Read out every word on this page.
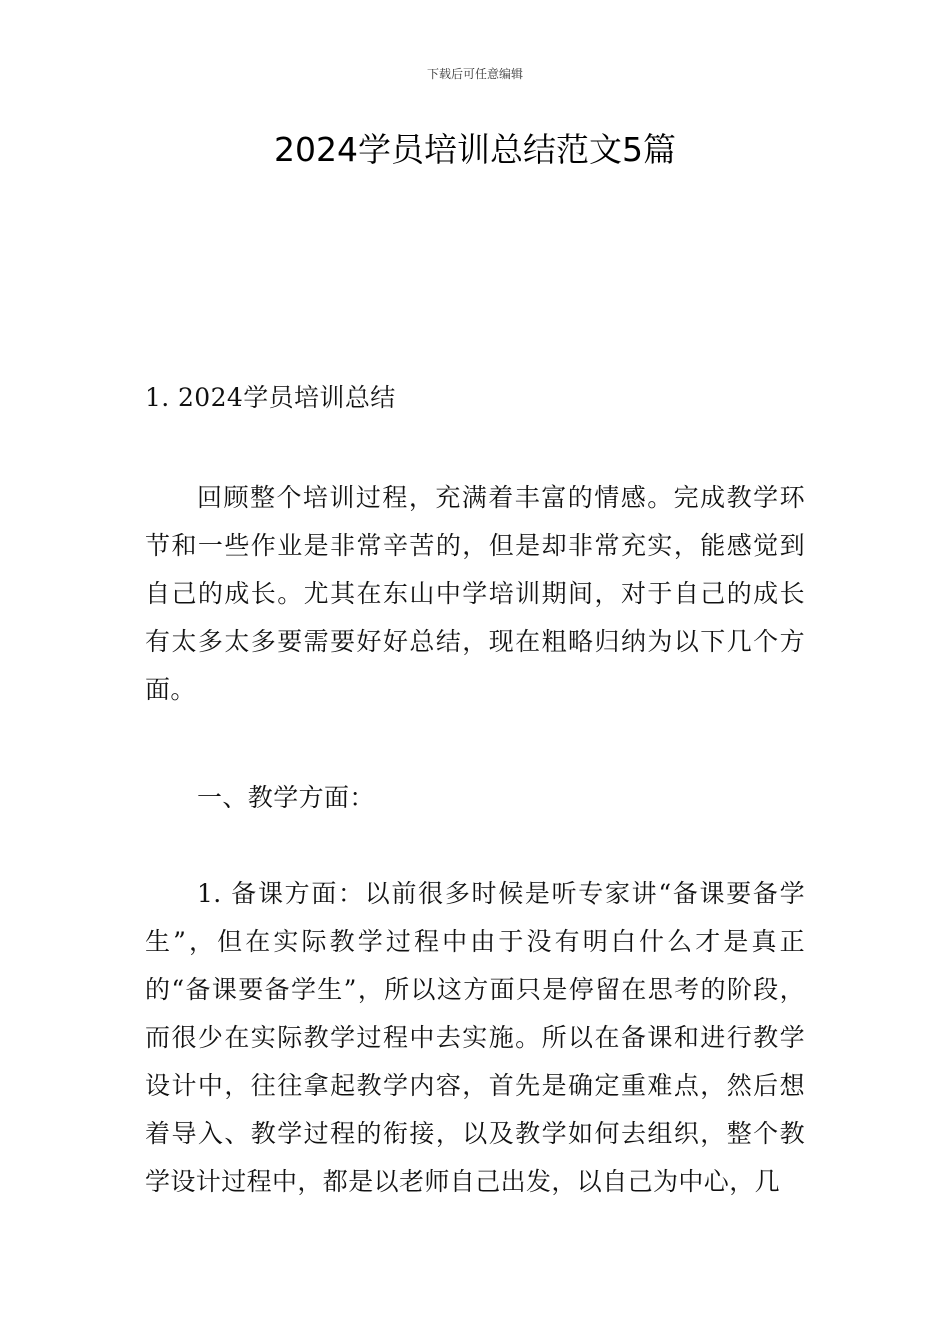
下载后可任意编辑
2024学员培训总结范文5篇

1. 2024学员培训总结

回顾整个培训过程，充满着丰富的情感。完成教学环节和一些作业是非常辛苦的，但是却非常充实，能感觉到自己的成长。尤其在东山中学培训期间，对于自己的成长有太多太多要需要好好总结，现在粗略归纳为以下几个方面。

一、教学方面：

1. 备课方面：以前很多时候是听专家讲“备课要备学生”，但在实际教学过程中由于没有明白什么才是真正的“备课要备学生”，所以这方面只是停留在思考的阶段，而很少在实际教学过程中去实施。所以在备课和进行教学设计中，往往拿起教学内容，首先是确定重难点，然后想着导入、教学过程的衔接，以及教学如何去组织，整个教学设计过程中，都是以老师自己出发，以自己为中心，几
